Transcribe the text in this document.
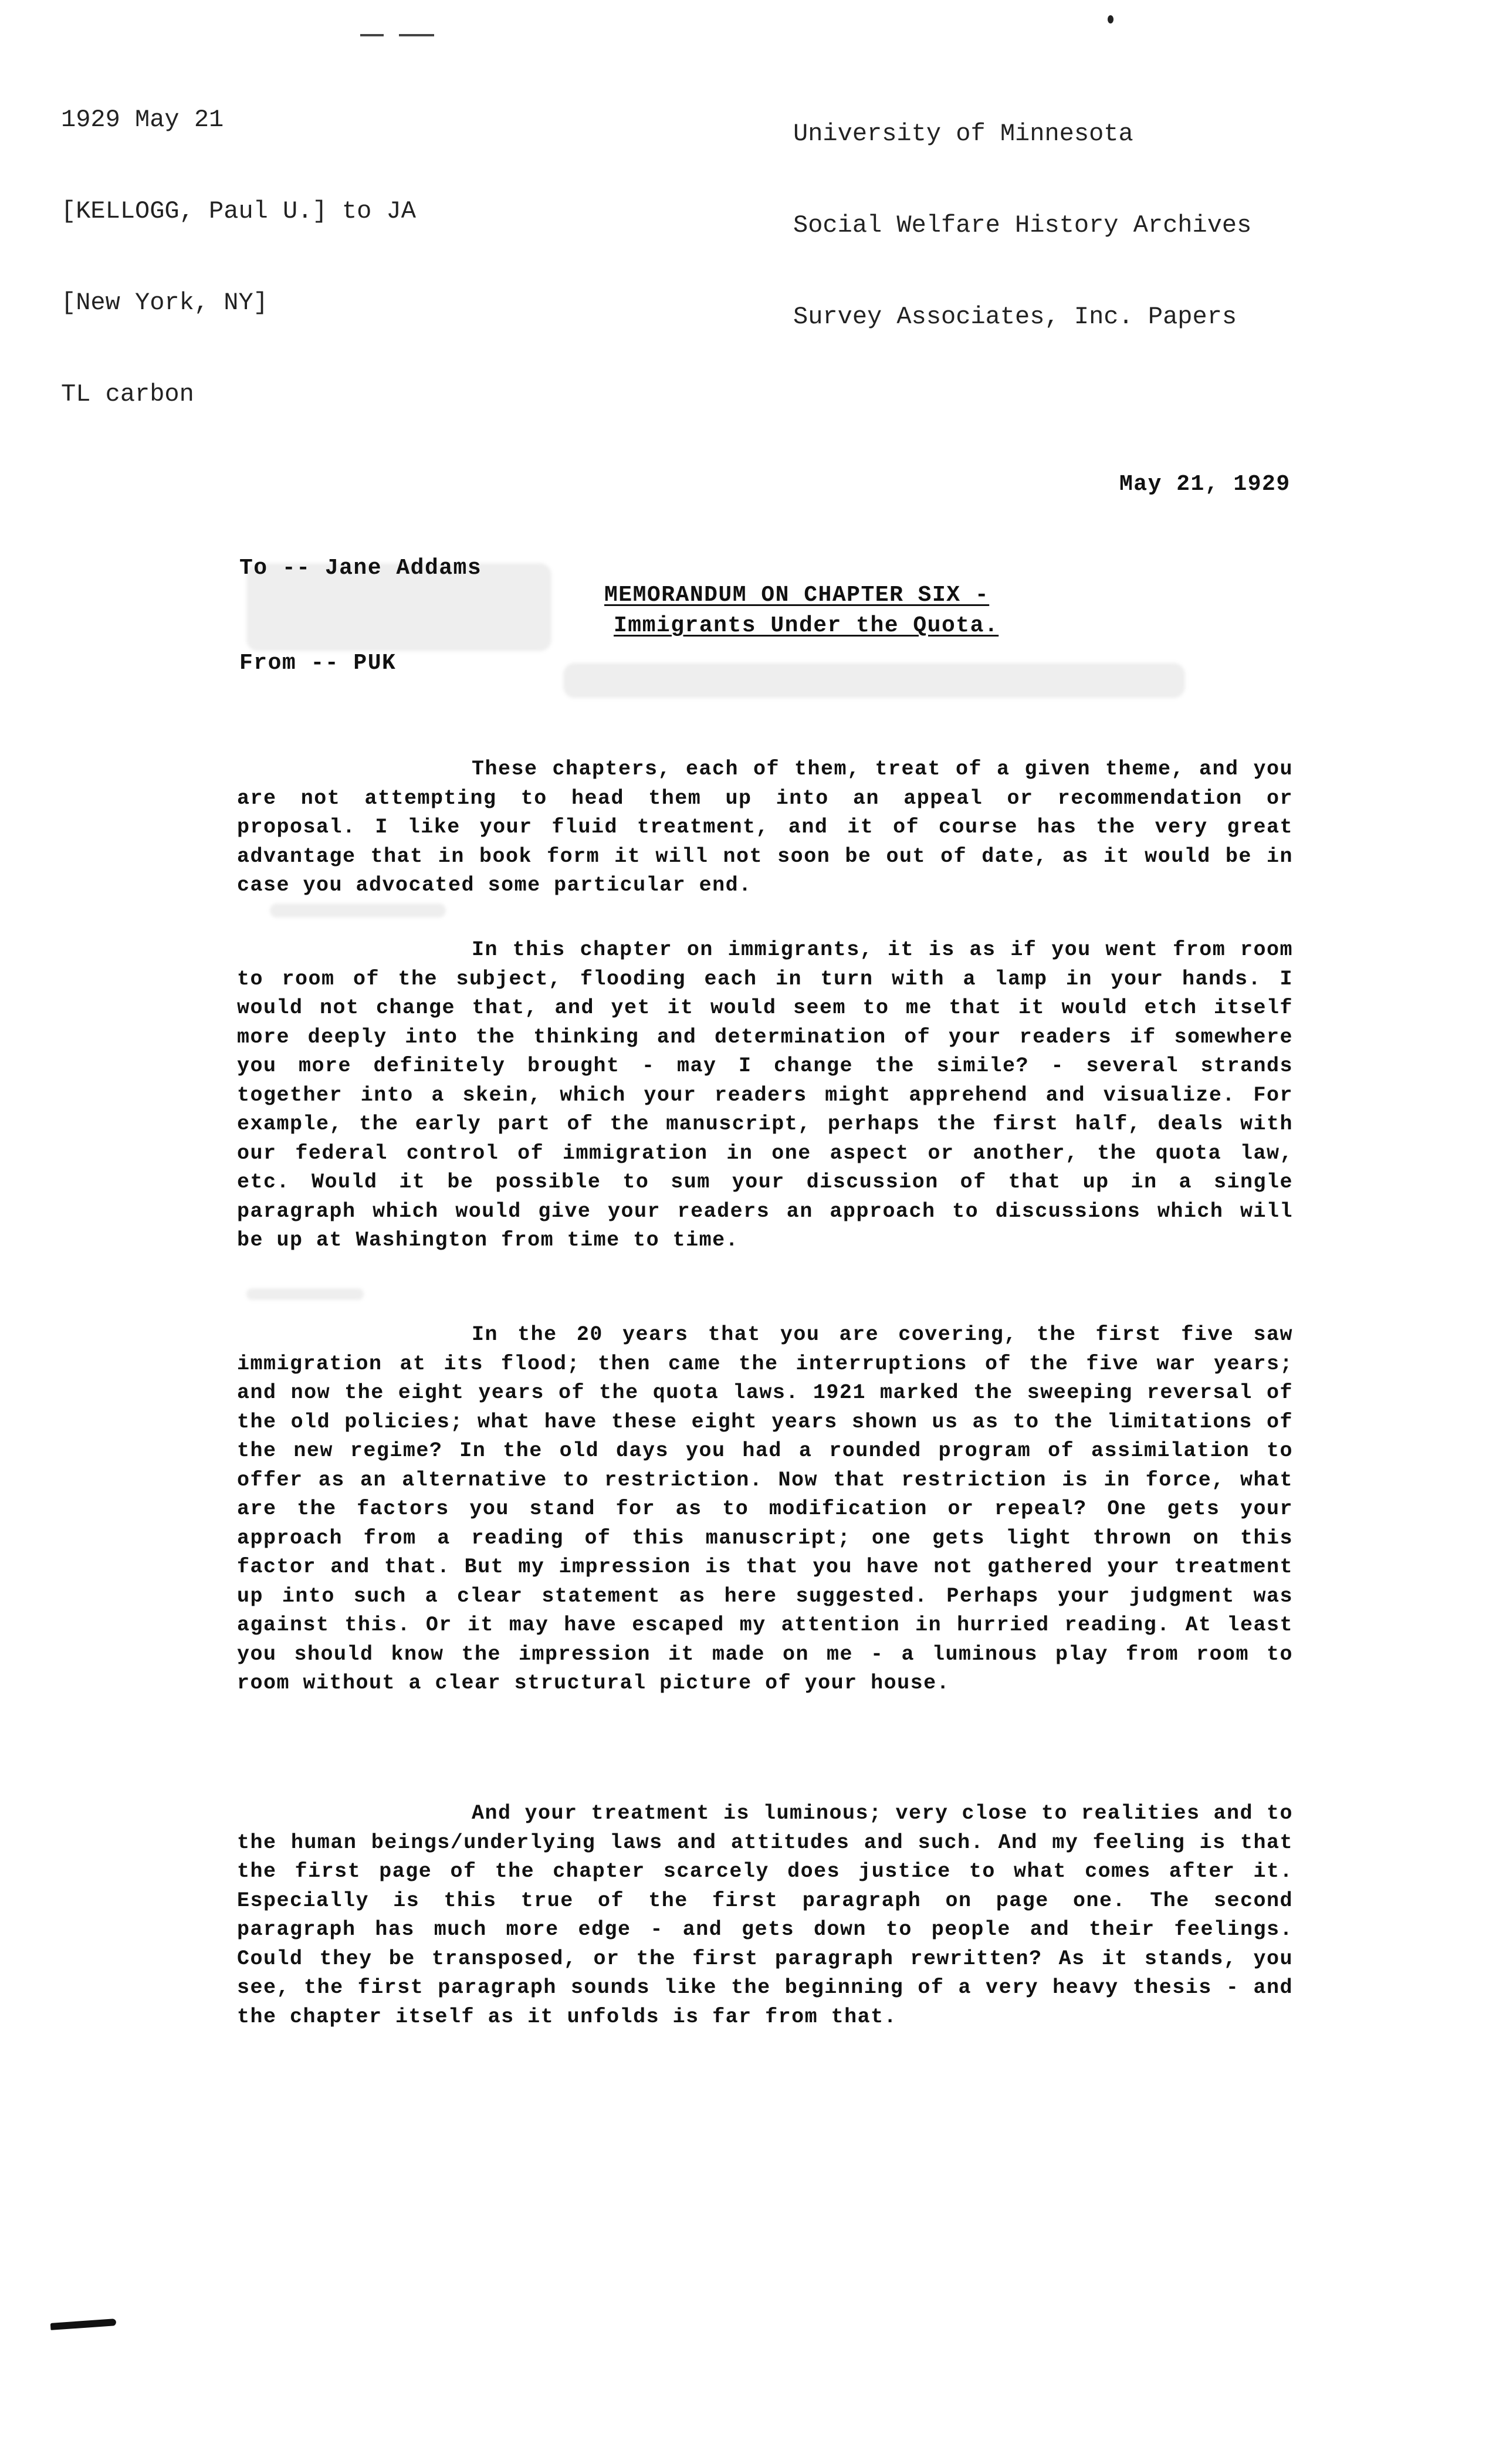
1929 May 21

[KELLOGG, Paul U.] to JA

[New York, NY]

TL carbon

University of Minnesota

Social Welfare History Archives

Survey Associates, Inc. Papers

May 21, 1929

To -- Jane Addams

From -- PUK

MEMORANDUM ON CHAPTER SIX -
Immigrants Under the Quota.

These chapters, each of them, treat of a given theme, and you are not attempting to head them up into an appeal or recommendation or proposal. I like your fluid treatment, and it of course has the very great advantage that in book form it will not soon be out of date, as it would be in case you advocated some particular end.

In this chapter on immigrants, it is as if you went from room to room of the subject, flooding each in turn with a lamp in your hands. I would not change that, and yet it would seem to me that it would etch itself more deeply into the thinking and determination of your readers if somewhere you more definitely brought - may I change the simile? - several strands together into a skein, which your readers might apprehend and visualize. For example, the early part of the manuscript, perhaps the first half, deals with our federal control of immigration in one aspect or another, the quota law, etc. Would it be possible to sum your discussion of that up in a single paragraph which would give your readers an approach to discussions which will be up at Washington from time to time.

In the 20 years that you are covering, the first five saw immigration at its flood; then came the interruptions of the five war years; and now the eight years of the quota laws. 1921 marked the sweeping reversal of the old policies; what have these eight years shown us as to the limitations of the new regime? In the old days you had a rounded program of assimilation to offer as an alternative to restriction. Now that restriction is in force, what are the factors you stand for as to modification or repeal? One gets your approach from a reading of this manuscript; one gets light thrown on this factor and that. But my impression is that you have not gathered your treatment up into such a clear statement as here suggested. Perhaps your judgment was against this. Or it may have escaped my attention in hurried reading. At least you should know the impression it made on me - a luminous play from room to room without a clear structural picture of your house.

And your treatment is luminous; very close to realities and to the human beings/underlying laws and attitudes and such. And my feeling is that the first page of the chapter scarcely does justice to what comes after it. Especially is this true of the first paragraph on page one. The second paragraph has much more edge - and gets down to people and their feelings. Could they be transposed, or the first paragraph rewritten? As it stands, you see, the first paragraph sounds like the beginning of a very heavy thesis - and the chapter itself as it unfolds is far from that.
